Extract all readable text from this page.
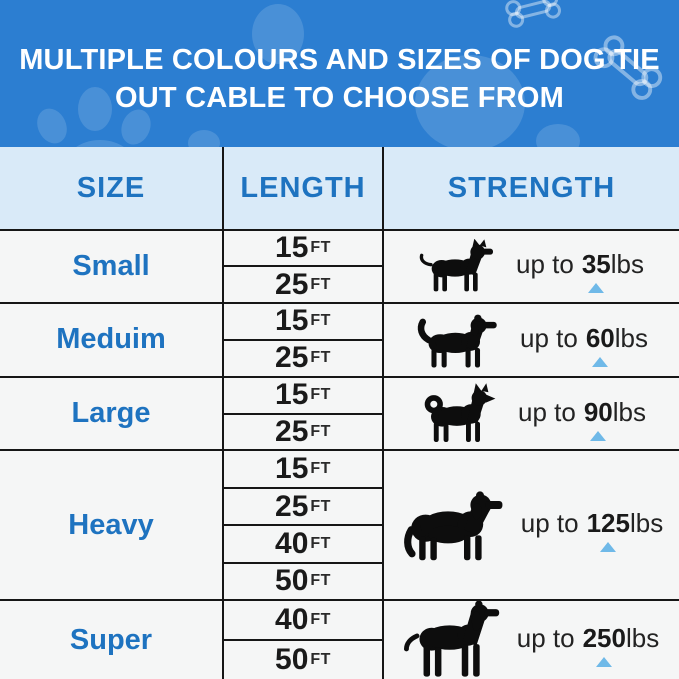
MULTIPLE COLOURS AND SIZES OF DOG TIE
OUT CABLE TO CHOOSE FROM
SIZE	LENGTH	STRENGTH
Small
15 FT
25 FT
up to 35 lbs
Meduim
15 FT
25 FT
up to 60 lbs
Large
15 FT
25 FT
up to 90 lbs
Heavy
15 FT
25 FT
40 FT
50 FT
up to 125 lbs
Super
40 FT
50 FT
up to 250 lbs
